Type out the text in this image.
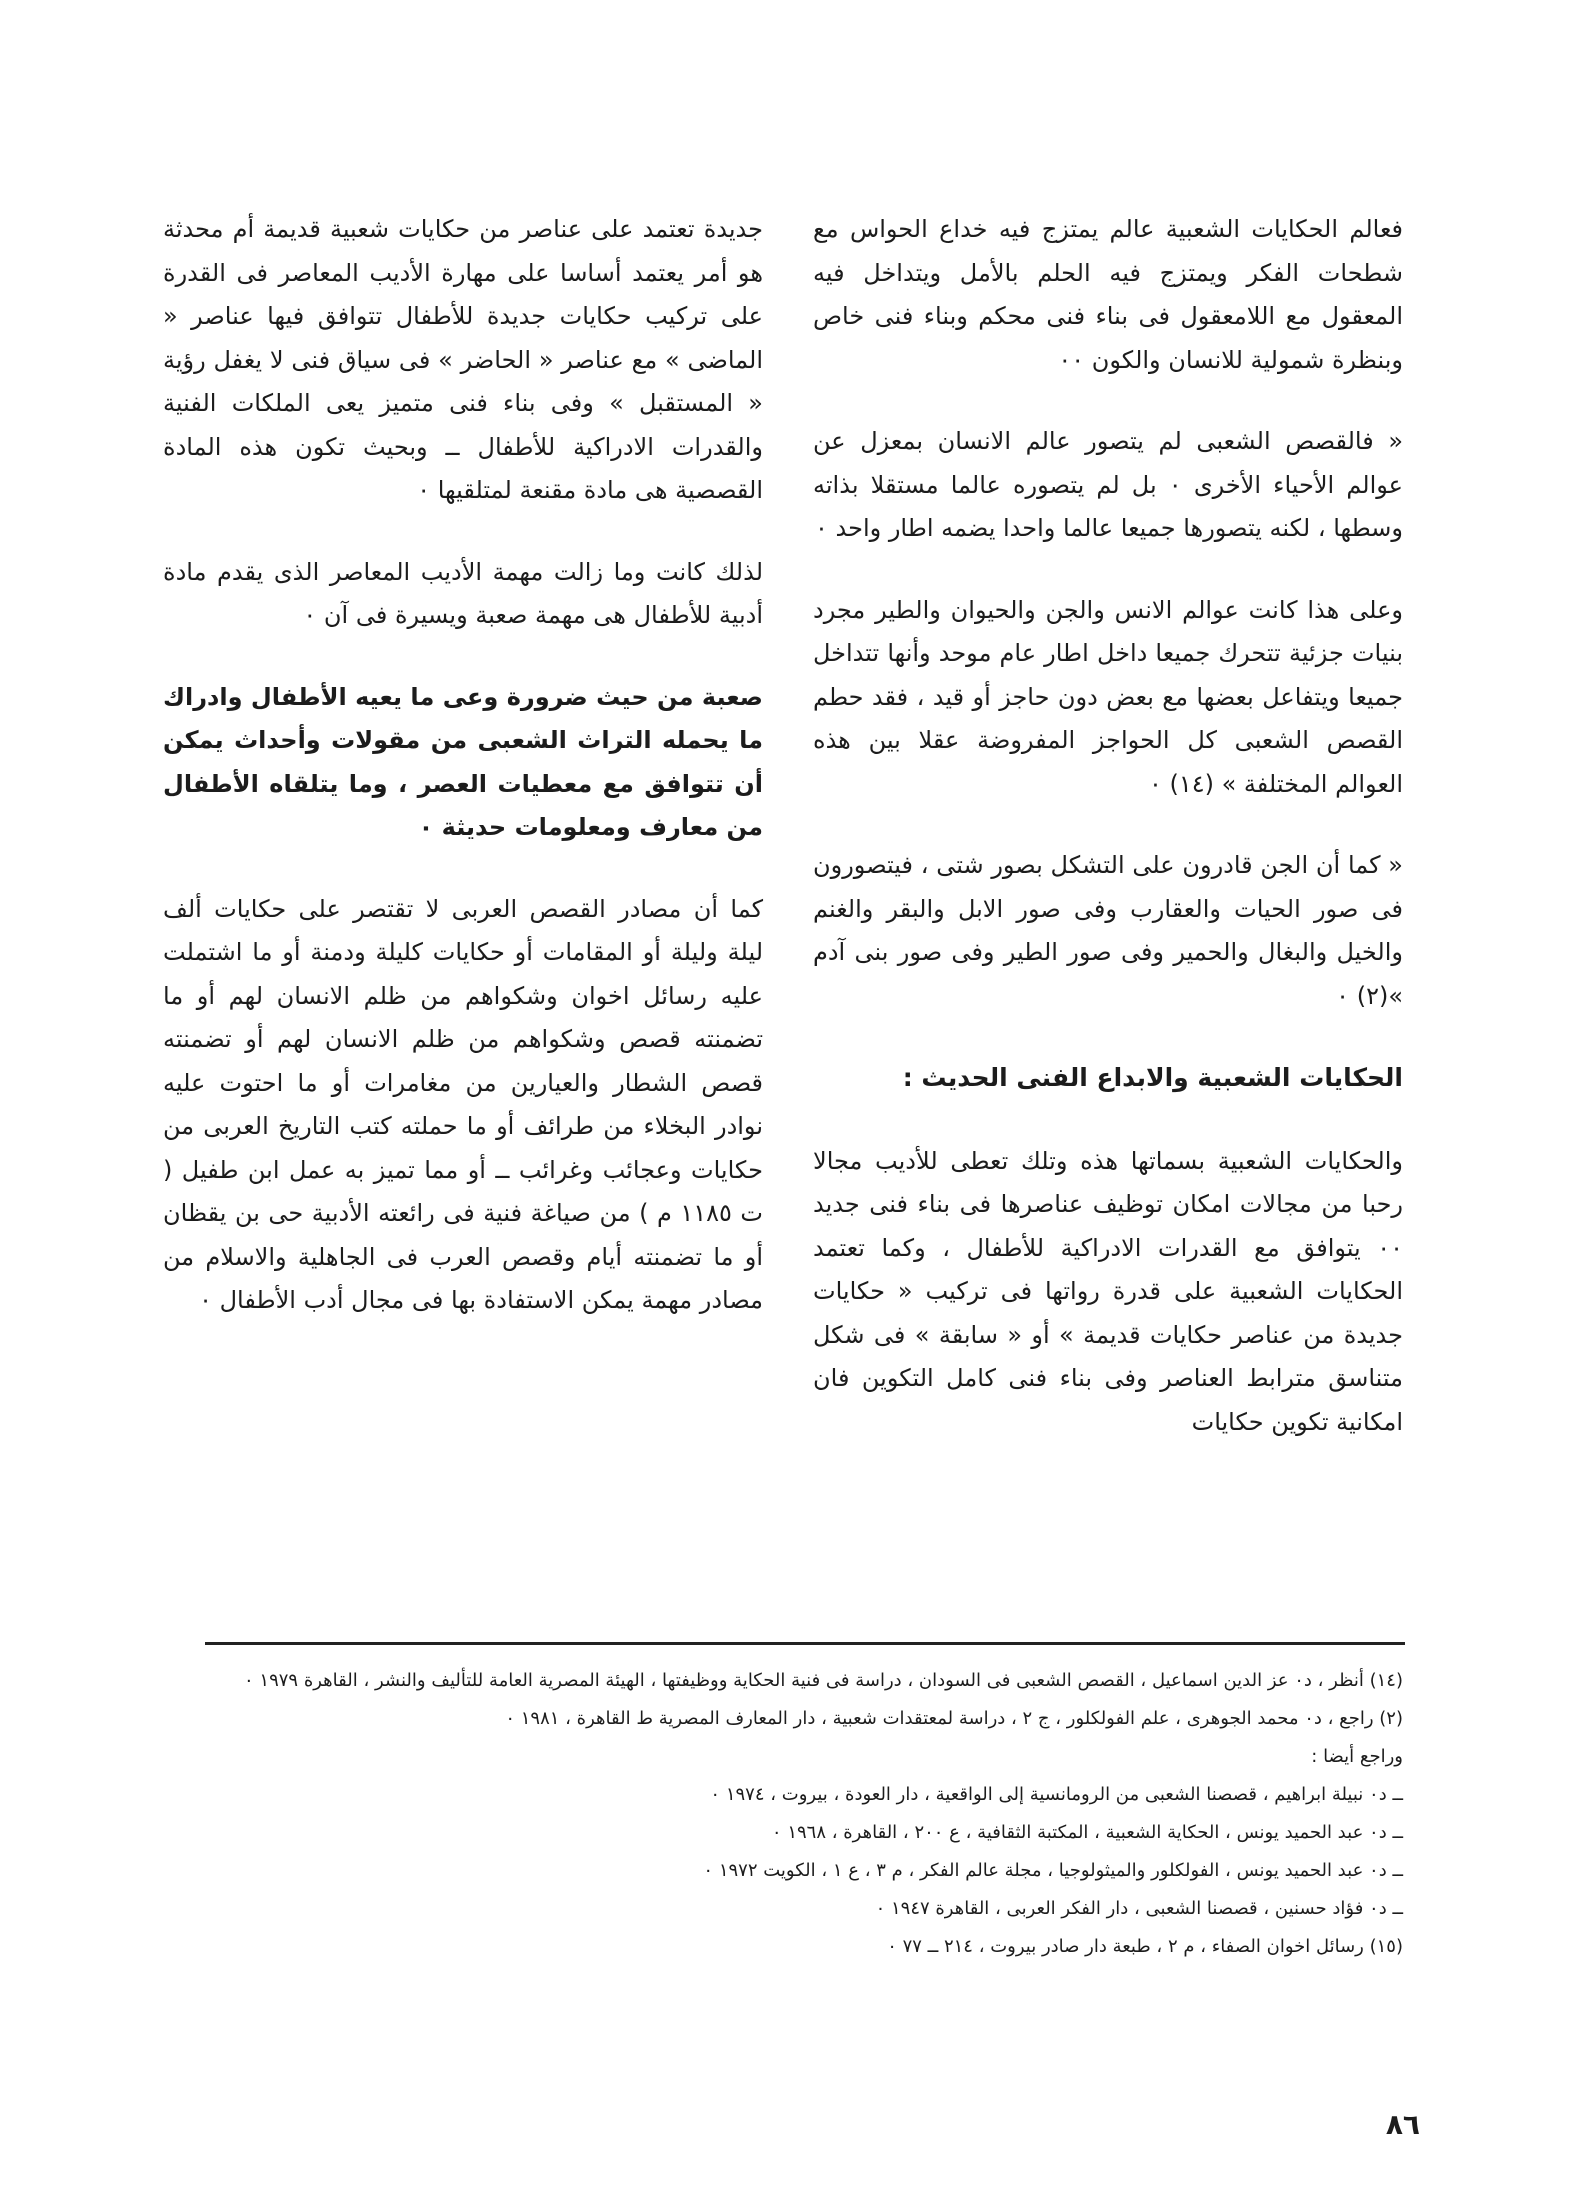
فعالم الحكايات الشعبية عالم يمتزج فيه خداع الحواس مع شطحات الفكر ويمتزج فيه الحلم بالأمل ويتداخل فيه المعقول مع اللامعقول فى بناء فنى محكم وبناء فنى خاص وبنظرة شمولية للانسان والكون ٠٠

« فالقصص الشعبى لم يتصور عالم الانسان بمعزل عن عوالم الأحياء الأخرى ٠ بل لم يتصوره عالما مستقلا بذاته وسطها ، لكنه يتصورها جميعا عالما واحدا يضمه اطار واحد ٠

وعلى هذا كانت عوالم الانس والجن والحيوان والطير مجرد بنيات جزئية تتحرك جميعا داخل اطار عام موحد وأنها تتداخل جميعا ويتفاعل بعضها مع بعض دون حاجز أو قيد ، فقد حطم القصص الشعبى كل الحواجز المفروضة عقلا بين هذه العوالم المختلفة » (١٤) ٠

« كما أن الجن قادرون على التشكل بصور شتى ، فيتصورون فى صور الحيات والعقارب وفى صور الابل والبقر والغنم والخيل والبغال والحمير وفى صور الطير وفى صور بنى آدم »(٢) ٠

الحكايات الشعبية والابداع الفنى الحديث :

والحكايات الشعبية بسماتها هذه وتلك تعطى للأديب مجالا رحبا من مجالات امكان توظيف عناصرها فى بناء فنى جديد ٠٠ يتوافق مع القدرات الادراكية للأطفال ، وكما تعتمد الحكايات الشعبية على قدرة رواتها فى تركيب « حكايات جديدة من عناصر حكايات قديمة » أو « سابقة » فى شكل متناسق مترابط العناصر وفى بناء فنى كامل التكوين فان امكانية تكوين حكايات

جديدة تعتمد على عناصر من حكايات شعبية قديمة أم محدثة هو أمر يعتمد أساسا على مهارة الأديب المعاصر فى القدرة على تركيب حكايات جديدة للأطفال تتوافق فيها عناصر « الماضى » مع عناصر « الحاضر » فى سياق فنى لا يغفل رؤية « المستقبل » وفى بناء فنى متميز يعى الملكات الفنية والقدرات الادراكية للأطفال ــ وبحيث تكون هذه المادة القصصية هى مادة مقنعة لمتلقيها ٠

لذلك كانت وما زالت مهمة الأديب المعاصر الذى يقدم مادة أدبية للأطفال هى مهمة صعبة ويسيرة فى آن ٠

صعبة من حيث ضرورة وعى ما يعيه الأطفال وادراك ما يحمله التراث الشعبى من مقولات وأحداث يمكن أن تتوافق مع معطيات العصر ، وما يتلقاه الأطفال من معارف ومعلومات حديثة ٠

كما أن مصادر القصص العربى لا تقتصر على حكايات ألف ليلة وليلة أو المقامات أو حكايات كليلة ودمنة أو ما اشتملت عليه رسائل اخوان وشكواهم من ظلم الانسان لهم أو ما تضمنته قصص وشكواهم من ظلم الانسان لهم أو تضمنته قصص الشطار والعيارين من مغامرات أو ما احتوت عليه نوادر البخلاء من طرائف أو ما حملته كتب التاريخ العربى من حكايات وعجائب وغرائب ــ أو مما تميز به عمل ابن طفيل ( ت ١١٨٥ م ) من صياغة فنية فى رائعته الأدبية حى بن يقظان أو ما تضمنته أيام وقصص العرب فى الجاهلية والاسلام من مصادر مهمة يمكن الاستفادة بها فى مجال أدب الأطفال ٠

(١٤) أنظر ، د٠ عز الدين اسماعيل ، القصص الشعبى فى السودان ، دراسة فى فنية الحكاية ووظيفتها ، الهيئة المصرية العامة للتأليف والنشر ، القاهرة ١٩٧٩ ٠

(٢) راجع ، د٠ محمد الجوهرى ، علم الفولكلور ، ج ٢ ، دراسة لمعتقدات شعبية ، دار المعارف المصرية ط القاهرة ، ١٩٨١ ٠

وراجع أيضا :

ــ د٠ نبيلة ابراهيم ، قصصنا الشعبى من الرومانسية إلى الواقعية ، دار العودة ، بيروت ، ١٩٧٤ ٠

ــ د٠ عبد الحميد يونس ، الحكاية الشعبية ، المكتبة الثقافية ، ع ٢٠٠ ، القاهرة ، ١٩٦٨ ٠

ــ د٠ عبد الحميد يونس ، الفولكلور والميثولوجيا ، مجلة عالم الفكر ، م ٣ ، ع ١ ، الكويت ١٩٧٢ ٠

ــ د٠ فؤاد حسنين ، قصصنا الشعبى ، دار الفكر العربى ، القاهرة ١٩٤٧ ٠

(١٥) رسائل اخوان الصفاء ، م ٢ ، طبعة دار صادر بيروت ، ٢١٤ ــ ٧٧ ٠

٨٦
